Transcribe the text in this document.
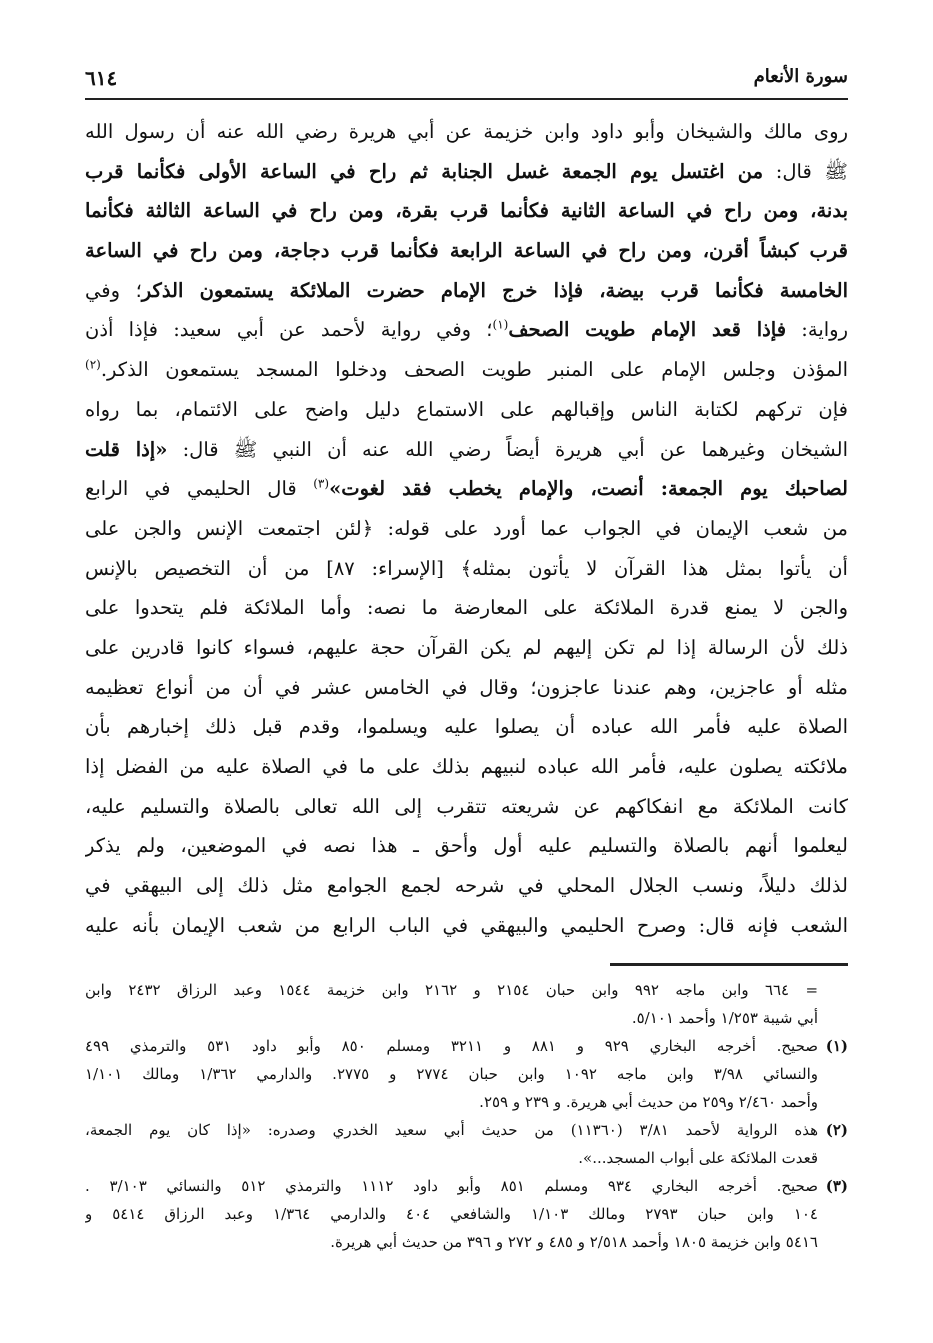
٦١٤	سورة الأنعام
روى مالك والشيخان وأبو داود وابن خزيمة عن أبي هريرة رضي الله عنه أن رسول الله
ﷺ قال: من اغتسل يوم الجمعة غسل الجنابة ثم راح في الساعة الأولى فكأنما قرب
بدنة، ومن راح في الساعة الثانية فكأنما قرب بقرة، ومن راح في الساعة الثالثة فكأنما
قرب كبشاً أقرن، ومن راح في الساعة الرابعة فكأنما قرب دجاجة، ومن راح في الساعة
الخامسة فكأنما قرب بيضة، فإذا خرج الإمام حضرت الملائكة يستمعون الذكر؛ وفي
رواية: فإذا قعد الإمام طويت الصحف$^{(١)}$؛ وفي رواية لأحمد عن أبي سعيد: فإذا أذن
المؤذن وجلس الإمام على المنبر طويت الصحف ودخلوا المسجد يستمعون الذكر.$^{(٢)}$
فإن تركهم لكتابة الناس وإقبالهم على الاستماع دليل واضح على الائتمام، بما رواه
الشيخان وغيرهما عن أبي هريرة أيضاً رضي الله عنه أن النبي ﷺ قال: «إذا قلت
لصاحبك يوم الجمعة: أنصت، والإمام يخطب فقد لغوت»$^{(٣)}$ قال الحليمي في الرابع
من شعب الإيمان في الجواب عما أورد على قوله: ﴿لئن اجتمعت الإنس والجن على
أن يأتوا بمثل هذا القرآن لا يأتون بمثله﴾ [الإسراء: ٨٧] من أن التخصيص بالإنس
والجن لا يمنع قدرة الملائكة على المعارضة ما نصه: وأما الملائكة فلم يتحدوا على
ذلك لأن الرسالة إذا لم تكن إليهم لم يكن القرآن حجة عليهم، فسواء كانوا قادرين على
مثله أو عاجزين، وهم عندنا عاجزون؛ وقال في الخامس عشر في أن من أنواع تعظيمه
الصلاة عليه فأمر الله عباده أن يصلوا عليه ويسلموا، وقدم قبل ذلك إخبارهم بأن
ملائكته يصلون عليه، فأمر الله عباده لنبيهم بذلك على ما في الصلاة عليه من الفضل إذا
كانت الملائكة مع انفكاكهم عن شريعته تتقرب إلى الله تعالى بالصلاة والتسليم عليه،
ليعلموا أنهم بالصلاة والتسليم عليه أول وأحق ـ هذا نصه في الموضعين، ولم يذكر
لذلك دليلاً، ونسب الجلال المحلي في شرحه لجمع الجوامع مثل ذلك إلى البيهقي في
الشعب فإنه قال: وصرح الحليمي والبيهقي في الباب الرابع من شعب الإيمان بأنه عليه
= ٦٦٤ وابن ماجه ٩٩٢ وابن حبان ٢١٥٤ و ٢١٦٢ وابن خزيمة ١٥٤٤ وعبد الرزاق ٢٤٣٢ وابن
أبي شيبة ١/٢٥٣ وأحمد ٥/١٠١.
(١)
صحيح. أخرجه البخاري ٩٢٩ و ٨٨١ و ٣٢١١ ومسلم ٨٥٠ وأبو داود ٥٣١ والترمذي ٤٩٩
والنسائي ٣/٩٨ وابن ماجه ١٠٩٢ وابن حبان ٢٧٧٤ و ٢٧٧٥. والدارمي ١/٣٦٢ ومالك ١/١٠١
وأحمد ٢/٤٦٠ و٢٥٩ من حديث أبي هريرة. و ٢٣٩ و ٢٥٩.
(٢)
هذه الرواية لأحمد ٣/٨١ (١١٣٦٠) من حديث أبي سعيد الخدري وصدره: «إذا كان يوم الجمعة،
قعدت الملائكة على أبواب المسجد...».
(٣)
صحيح. أخرجه البخاري ٩٣٤ ومسلم ٨٥١ وأبو داود ١١١٢ والترمذي ٥١٢ والنسائي ٣/١٠٣ .
١٠٤ وابن حبان ٢٧٩٣ ومالك ١/١٠٣ والشافعي ٤٠٤ والدارمي ١/٣٦٤ وعبد الرزاق ٥٤١٤ و
٥٤١٦ وابن خزيمة ١٨٠٥ وأحمد ٢/٥١٨ و ٤٨٥ و ٢٧٢ و ٣٩٦ من حديث أبي هريرة.
